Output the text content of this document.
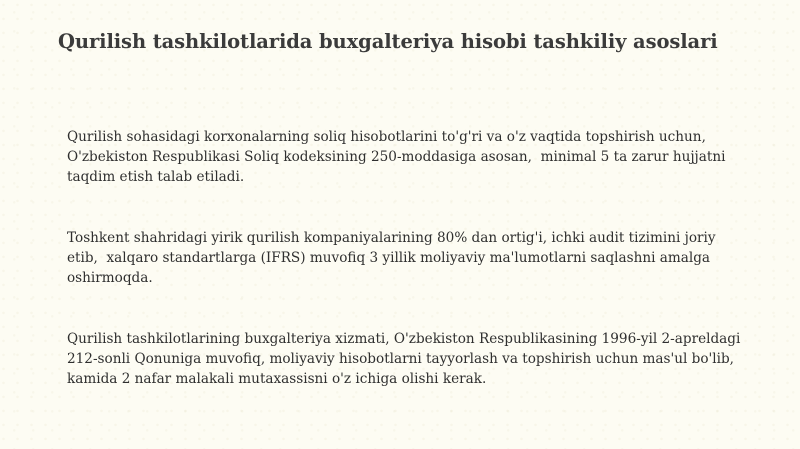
Qurilish tashkilotlarida buxgalteriya hisobi tashkiliy asoslari

Qurilish sohasidagi korxonalarning soliq hisobotlarini to'g'ri va o'z vaqtida topshirish uchun,
O'zbekiston Respublikasi Soliq kodeksining 250-moddasiga asosan,  minimal 5 ta zarur hujjatni
taqdim etish talab etiladi.

Toshkent shahridagi yirik qurilish kompaniyalarining 80% dan ortig'i, ichki audit tizimini joriy
etib,  xalqaro standartlarga (IFRS) muvofiq 3 yillik moliyaviy ma'lumotlarni saqlashni amalga
oshirmoqda.

Qurilish tashkilotlarining buxgalteriya xizmati, O'zbekiston Respublikasining 1996-yil 2-apreldagi
212-sonli Qonuniga muvofiq, moliyaviy hisobotlarni tayyorlash va topshirish uchun mas'ul bo'lib,
kamida 2 nafar malakali mutaxassisni o'z ichiga olishi kerak.
